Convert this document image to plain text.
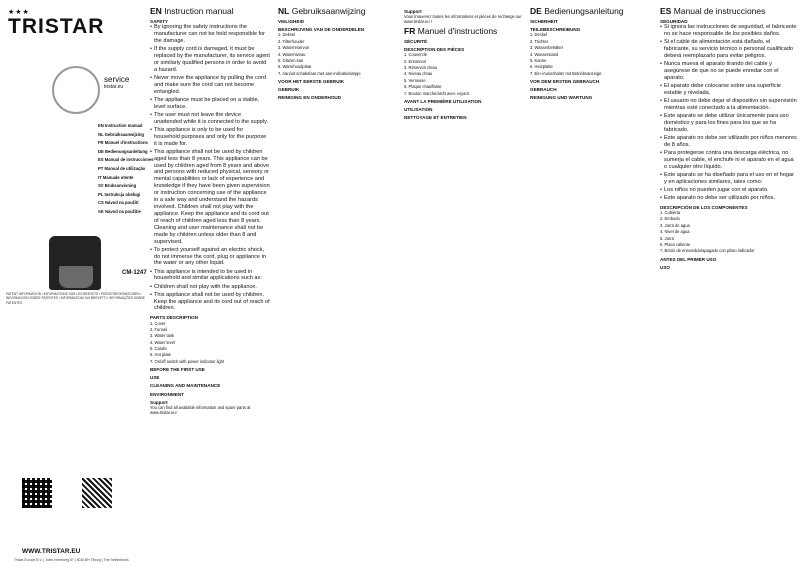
★★★
TRISTAR
service
tristar.eu
EN Instruction manual
NL Gebruiksaanwijzing
FR Manuel d'instructions
DE Bedienungsanleitung
ES Manual de instrucciones
PT Manual de utilização
IT Manuale utente
SV Bruksanvisning
PL Instrukcja obsługi
CS Návod na použití
SK Návod na použitie
CM-1247
PATENT INFORMATION / INFORMATIONS SUR LES BREVETS / PATENTINFORMATIONEN / INFORMACIÓN SOBRE PATENTES / INFORMAZIONI SUI BREVETTI / INFORMAÇÕES SOBRE PATENTES
WWW.TRISTAR.EU
Tristar Europe B.V. | Jules Verneweg 87 | 5015 BH Tilburg | The Netherlands
EN Instruction manual
SAFETY

• By ignoring the safety instructions the manufacturer can not be held responsible for the damage.

• If the supply cord is damaged, it must be replaced by the manufacturer, its service agent or similarly qualified persons in order to avoid a hazard.

• Never move the appliance by pulling the cord and make sure the cord can not become entangled.

• The appliance must be placed on a stable, level surface.

• The user must not leave the device unattended while it is connected to the supply.

• This appliance is only to be used for household purposes and only for the purpose it is made for.

• This appliance shall not be used by children aged less than 8 years. This appliance can be used by children aged from 8 years and above and persons with reduced physical, sensory or mental capabilities or lack of experience and knowledge if they have been given supervision or instruction concerning use of the appliance in a safe way and understand the hazards involved. Children shall not play with the appliance. Keep the appliance and its cord out of reach of children aged less than 8 years. Cleaning and user maintenance shall not be made by children unless older than 8 and supervised.

• To protect yourself against an electric shock, do not immerse the cord, plug or appliance in the water or any other liquid.

• This appliance is intended to be used in household and similar applications such as:

• Children shall not play with the appliance.

• This appliance shall not be used by children. Keep the appliance and its cord out of reach of children.

PARTS DESCRIPTION

1. Cover

2. Funnel

3. Water tank

4. Water level

5. Carafe

6. Hot plate

7. On/off switch with power indicator light

BEFORE THE FIRST USE
USE
CLEANING AND MAINTENANCE
ENVIRONMENT
Support

You can find all available information and spare parts at www.tristar.eu!

NL Gebruiksaanwijzing
VEILIGHEID
BESCHRIJVING VAN DE ONDERDELEN

1. Deksel

2. Filterhouder

3. Waterreservoir

4. Waterniveau

5. Glazen kan

6. Warmhoudplaat

7. Aan/uit-schakelaar met aan-indicatielampje

VOOR HET EERSTE GEBRUIK
GEBRUIK
REINIGING EN ONDERHOUD
Support

Vous trouverez toutes les informations et pièces de rechange sur www.tristar.eu !

FR Manuel d'instructions
SÉCURITÉ
DESCRIPTION DES PIÈCES

1. Couvercle

2. Entonnoir

3. Réservoir d'eau

4. Niveau d'eau

5. Verseuse

6. Plaque chauffante

7. Bouton marche/arrêt avec voyant

AVANT LA PREMIÈRE UTILISATION
UTILISATION
NETTOYAGE ET ENTRETIEN
DE Bedienungsanleitung
SICHERHEIT
TEILEBESCHREIBUNG

1. Deckel

2. Trichter

3. Wasserbehälter

4. Wasserstand

5. Kanne

6. Heizplatte

7. Ein-/Ausschalter mit Betriebsanzeige

VOR DEM ERSTEN GEBRAUCH
GEBRAUCH
REINIGUNG UND WARTUNG
ES Manual de instrucciones
SEGURIDAD

• Si ignora las instrucciones de seguridad, el fabricante no se hace responsable de los posibles daños.

• Si el cable de alimentación está dañado, el fabricante, su servicio técnico o personal cualificado deberá reemplazarlo para evitar peligros.

• Nunca mueva el aparato tirando del cable y asegúrese de que no se puede enredar con el aparato.

• El aparato debe colocarse sobre una superficie estable y nivelada.

• El usuario no debe dejar el dispositivo sin supervisión mientras esté conectado a la alimentación.

• Este aparato se debe utilizar únicamente para uso doméstico y para los fines para los que se ha fabricado.

• Este aparato no debe ser utilizado por niños menores de 8 años.

• Para protegerse contra una descarga eléctrica, no sumerja el cable, el enchufe ni el aparato en el agua o cualquier otro líquido.

• Este aparato se ha diseñado para el uso en el hogar y en aplicaciones similares, tales como:

• Los niños no pueden jugar con el aparato.

• Este aparato no debe ser utilizado por niños.

DESCRIPCIÓN DE LOS COMPONENTES

1. Cubierta

2. Embudo

3. Jarra de agua

4. Nivel de agua

5. Jarra

6. Placa caliente

7. Botón de encendido/apagado con piloto indicador

ANTES DEL PRIMER USO
USO
